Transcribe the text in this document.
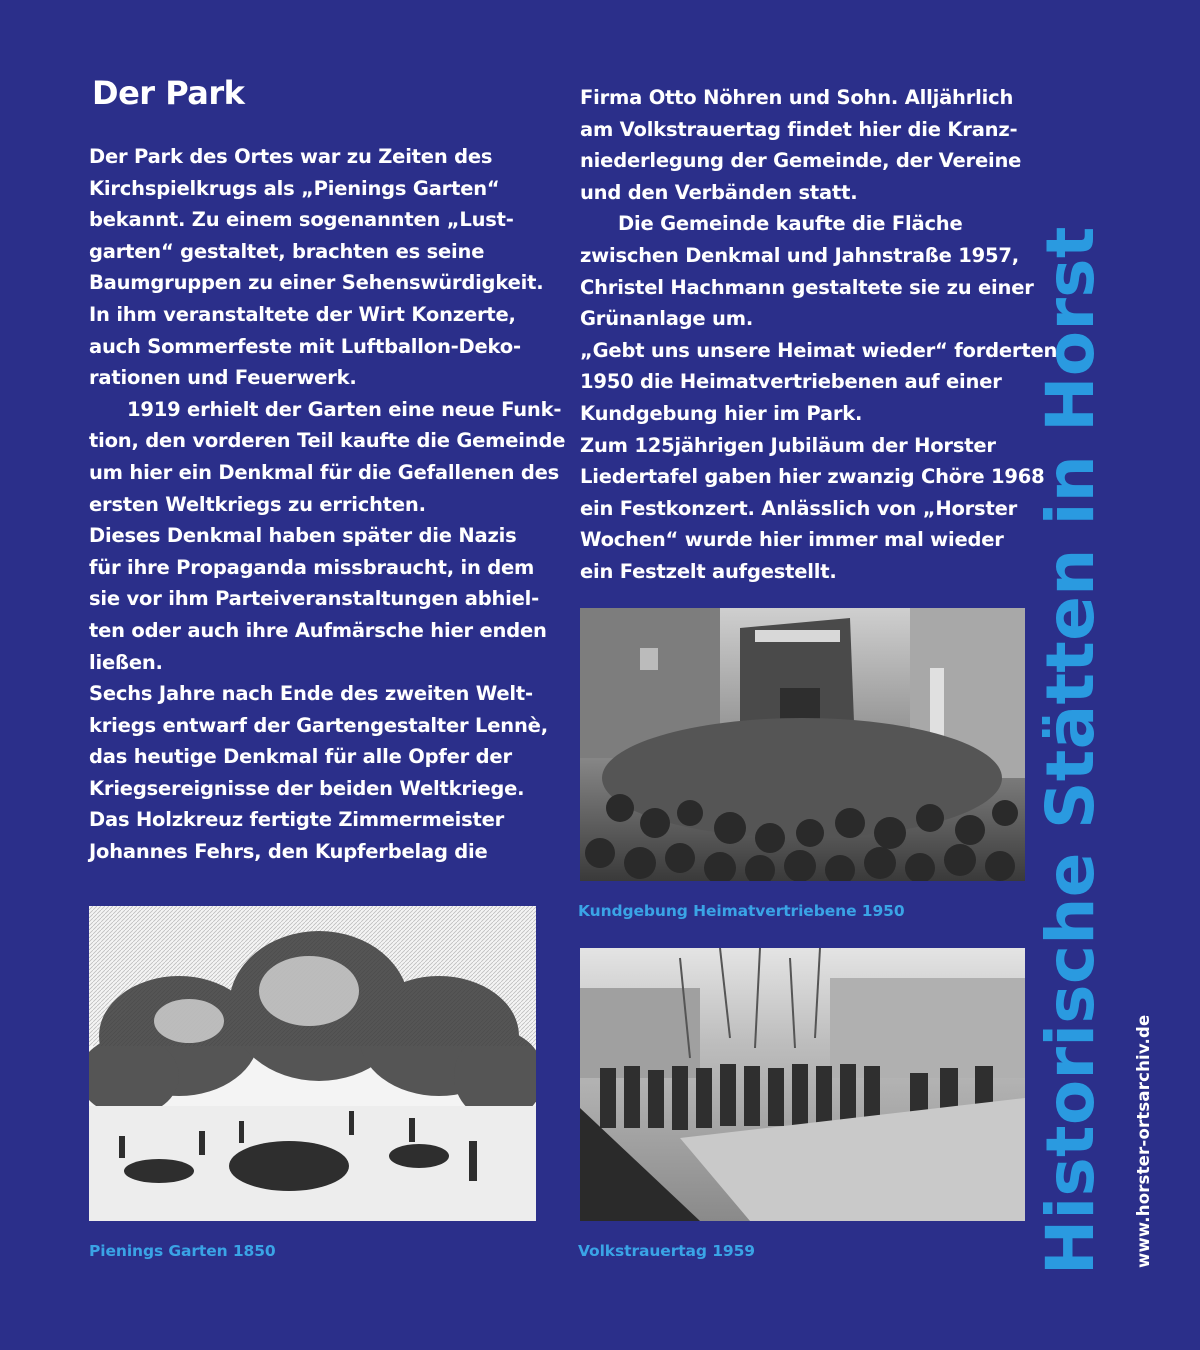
Der Park
Der Park des Ortes war zu Zeiten des
Kirchspielkrugs als „Pienings Garten“
bekannt. Zu einem sogenannten „Lust-
garten“ gestaltet, brachten es seine
Baumgruppen zu einer Sehenswürdigkeit.
In ihm veranstaltete der Wirt Konzerte,
auch Sommerfeste mit Luftballon-Deko-
rationen und Feuerwerk.
1919 erhielt der Garten eine neue Funk-
tion, den vorderen Teil kaufte die Gemeinde
um hier ein Denkmal für die Gefallenen des
ersten Weltkriegs zu errichten.
Dieses Denkmal haben später die Nazis
für ihre Propaganda missbraucht, in dem
sie vor ihm Parteiveranstaltungen abhiel-
ten oder auch ihre Aufmärsche hier enden
ließen.
Sechs Jahre nach Ende des zweiten Welt-
kriegs entwarf der Gartengestalter Lennè,
das heutige Denkmal für alle Opfer der
Kriegsereignisse der beiden Weltkriege.
Das Holzkreuz fertigte Zimmermeister
Johannes Fehrs, den Kupferbelag die
Firma Otto Nöhren und Sohn. Alljährlich
am Volkstrauertag findet hier die Kranz-
niederlegung der Gemeinde, der Vereine
und den Verbänden statt.
Die Gemeinde kaufte die Fläche
zwischen Denkmal und Jahnstraße 1957,
Christel Hachmann gestaltete sie zu einer
Grünanlage um.
„Gebt uns unsere Heimat wieder“ forderten
1950 die Heimatvertriebenen auf einer
Kundgebung hier im Park.
Zum 125jährigen Jubiläum der Horster
Liedertafel gaben hier zwanzig Chöre 1968
ein Festkonzert. Anlässlich von „Horster
Wochen“ wurde hier immer mal wieder
ein Festzelt aufgestellt.
Kundgebung Heimatvertriebene 1950
Volkstrauertag 1959
Pienings Garten 1850	Historische Stätten in Horst www.horster-ortsarchiv.de
